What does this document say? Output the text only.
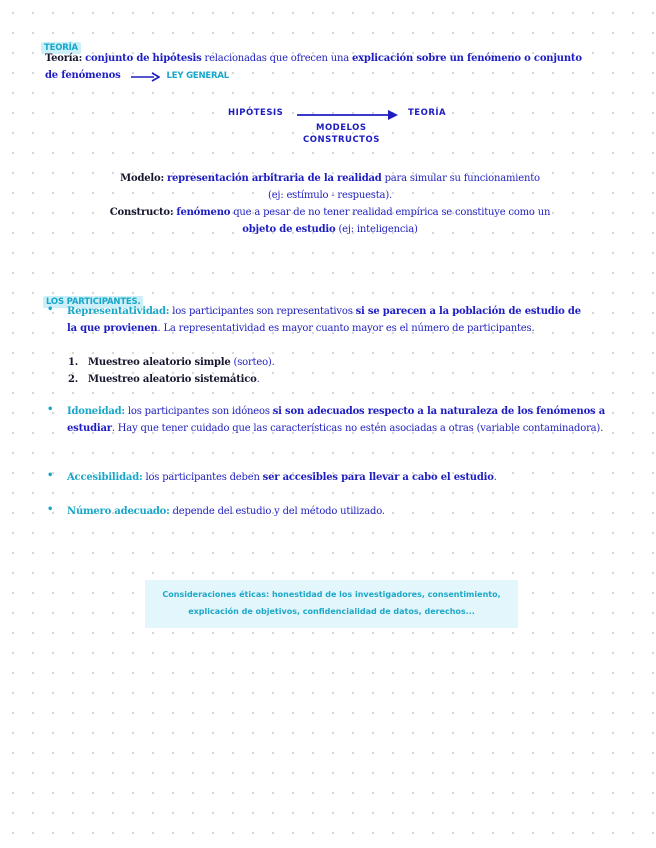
TEORÍA
Teoría: conjunto de hipótesis relacionadas que ofrecen una explicación sobre un fenómeno o conjunto de fenómenos	LEY GENERAL
HIPÓTESIS	TEORÍA
MODELOS
CONSTRUCTOS
Modelo: representación arbitraria de la realidad para simular su funcionamiento (ej: estímulo - respuesta).
Constructo: fenómeno que a pesar de no tener realidad empírica se constituye como un objeto de estudio (ej: inteligencia)
LOS PARTICIPANTES.
• Representatividad: los participantes son representativos si se parecen a la población de estudio de la que provienen. La representatividad es mayor cuanto mayor es el número de participantes.
1. Muestreo aleatorio simple (sorteo).
2. Muestreo aleatorio sistemático.
• Idoneidad: los participantes son idóneos si son adecuados respecto a la naturaleza de los fenómenos a estudiar. Hay que tener cuidado que las características no estén asociadas a otras (variable contaminadora).
• Accesibilidad: los participantes deben ser accesibles para llevar a cabo el estudio.
• Número adecuado: depende del estudio y del método utilizado.
Consideraciones éticas: honestidad de los investigadores, consentimiento,
explicación de objetivos, confidencialidad de datos, derechos...
